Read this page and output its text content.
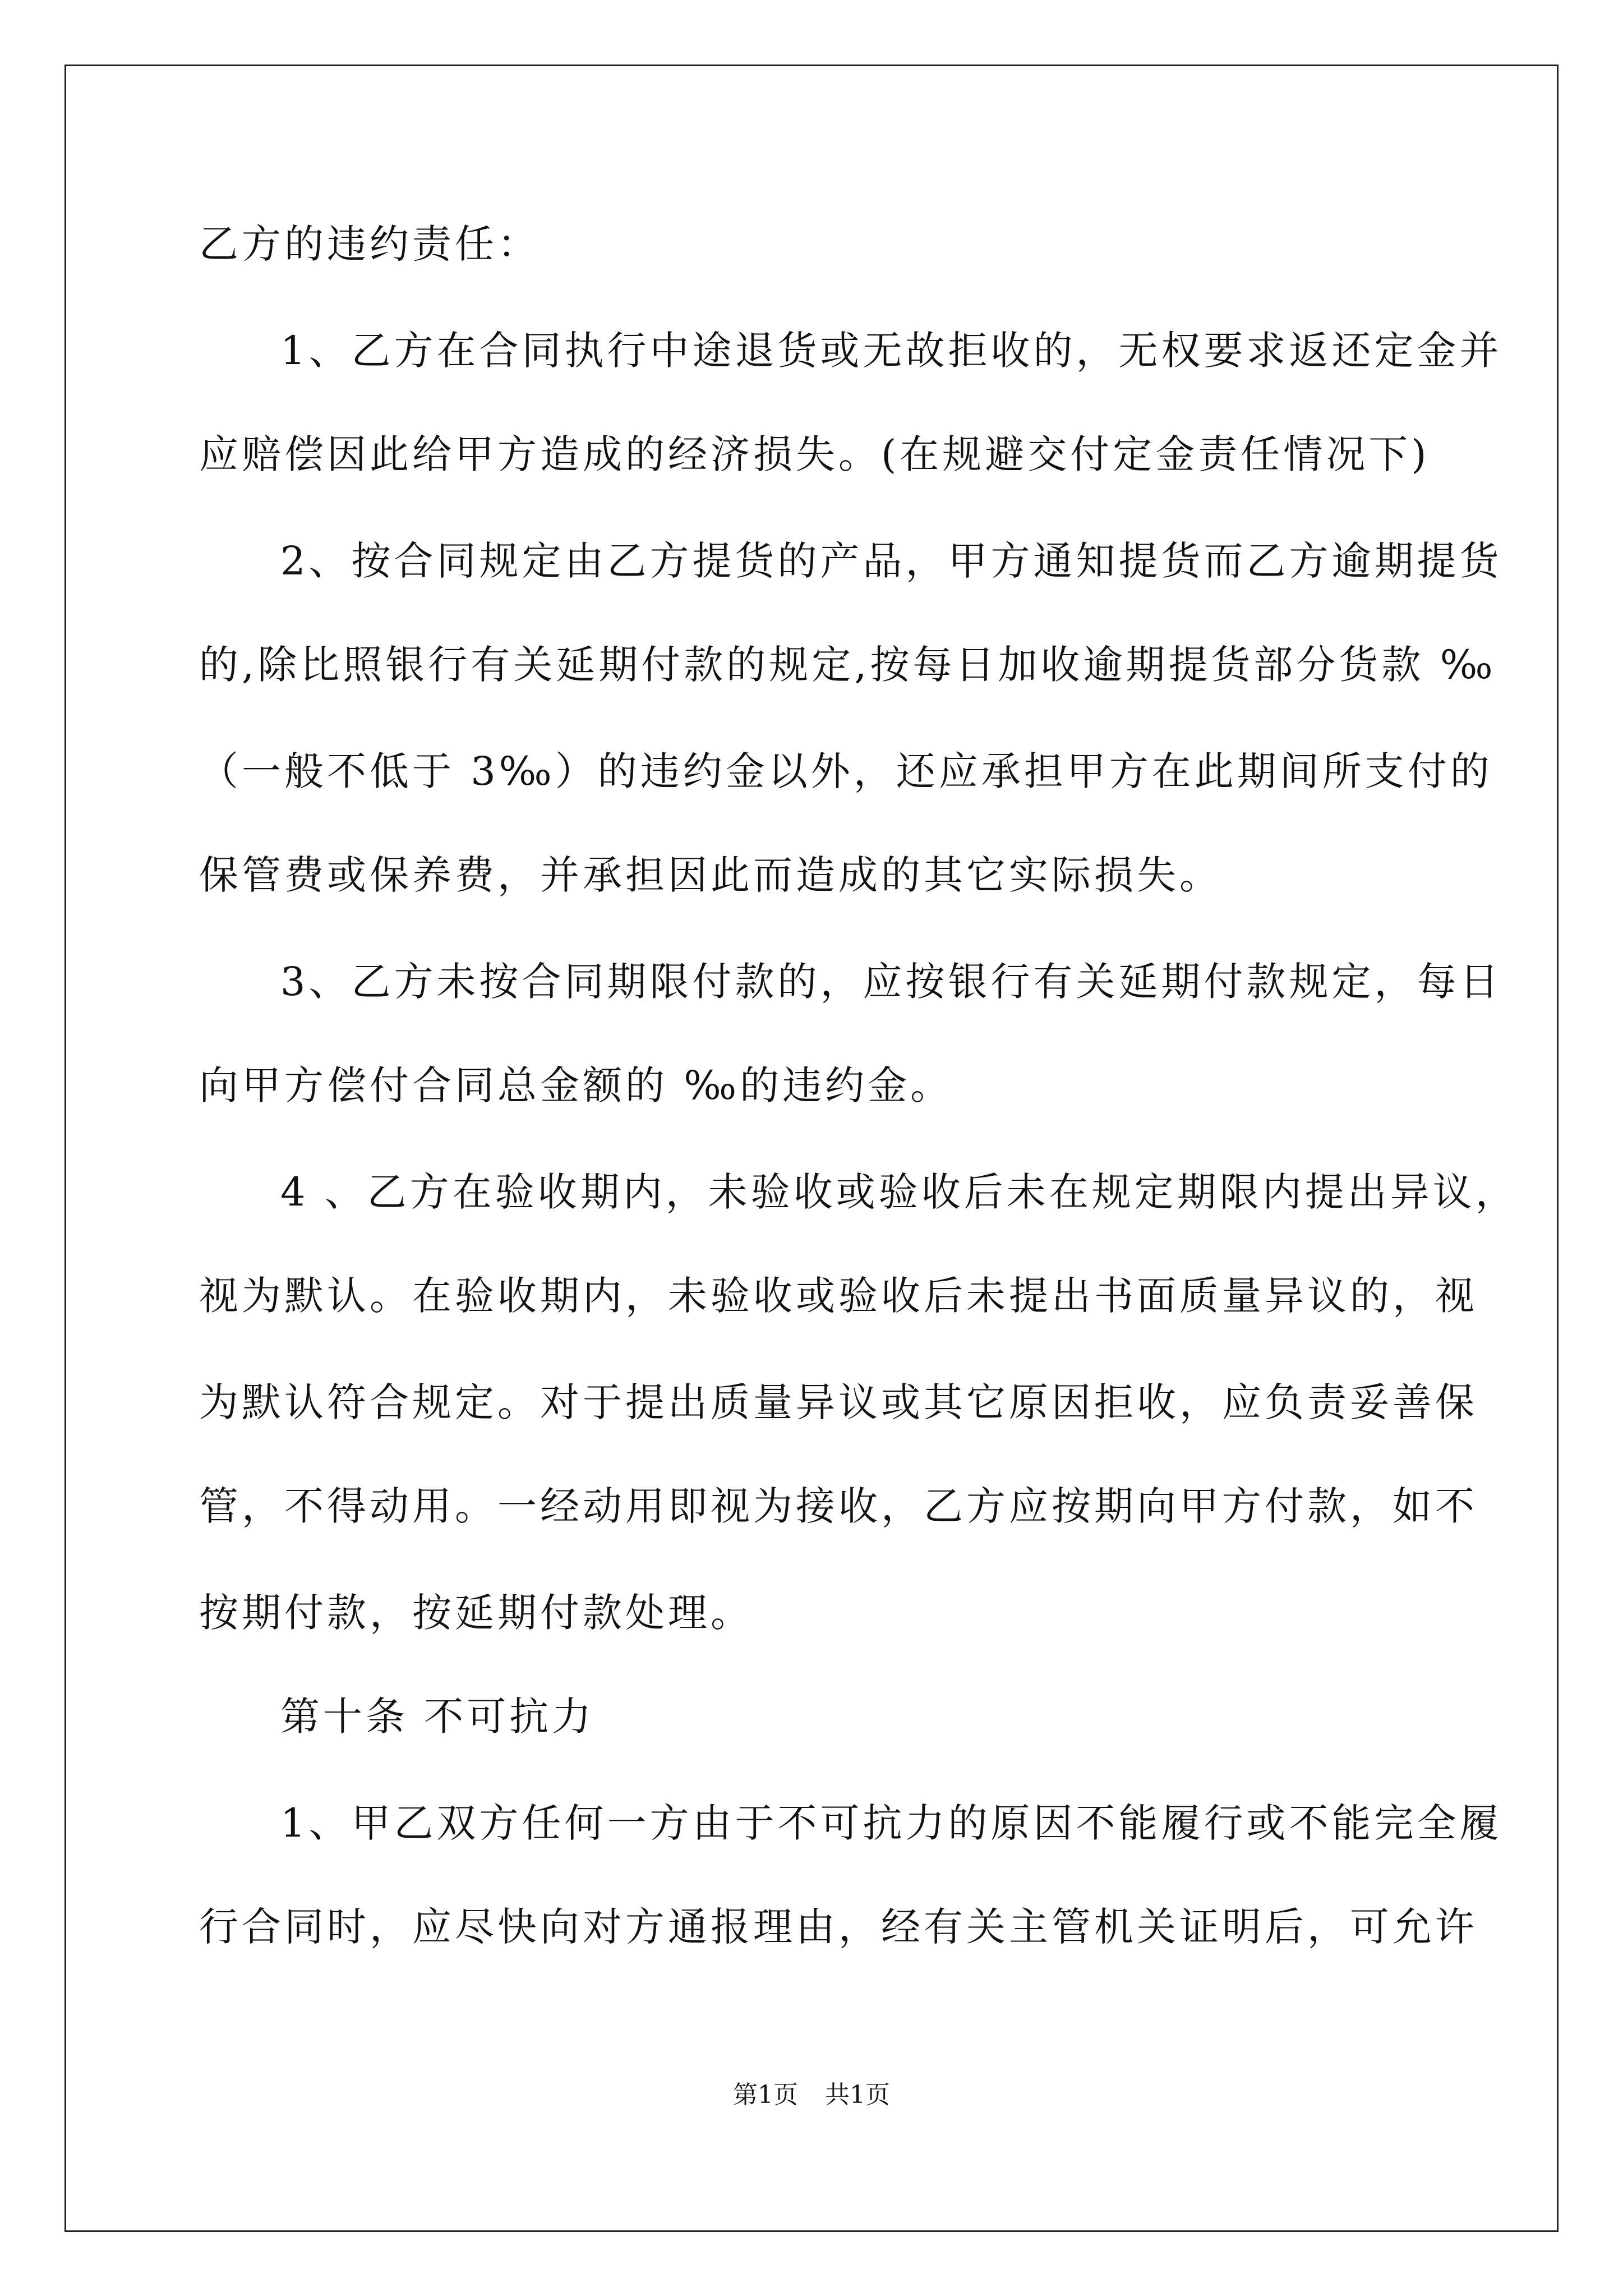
乙方的违约责任：
1、乙方在合同执行中途退货或无故拒收的，无权要求返还定金并
应赔偿因此给甲方造成的经济损失。(在规避交付定金责任情况下)
2、按合同规定由乙方提货的产品，甲方通知提货而乙方逾期提货
的,除比照银行有关延期付款的规定,按每日加收逾期提货部分货款 ‰
（一般不低于 3‰）的违约金以外，还应承担甲方在此期间所支付的
保管费或保养费，并承担因此而造成的其它实际损失。
3、乙方未按合同期限付款的，应按银行有关延期付款规定，每日
向甲方偿付合同总金额的 ‰的违约金。
4 、乙方在验收期内，未验收或验收后未在规定期限内提出异议，
视为默认。在验收期内，未验收或验收后未提出书面质量异议的，视
为默认符合规定。对于提出质量异议或其它原因拒收，应负责妥善保
管，不得动用。一经动用即视为接收，乙方应按期向甲方付款，如不
按期付款，按延期付款处理。
第十条 不可抗力
1、甲乙双方任何一方由于不可抗力的原因不能履行或不能完全履
行合同时，应尽快向对方通报理由，经有关主管机关证明后，可允许
第1页 共1页
